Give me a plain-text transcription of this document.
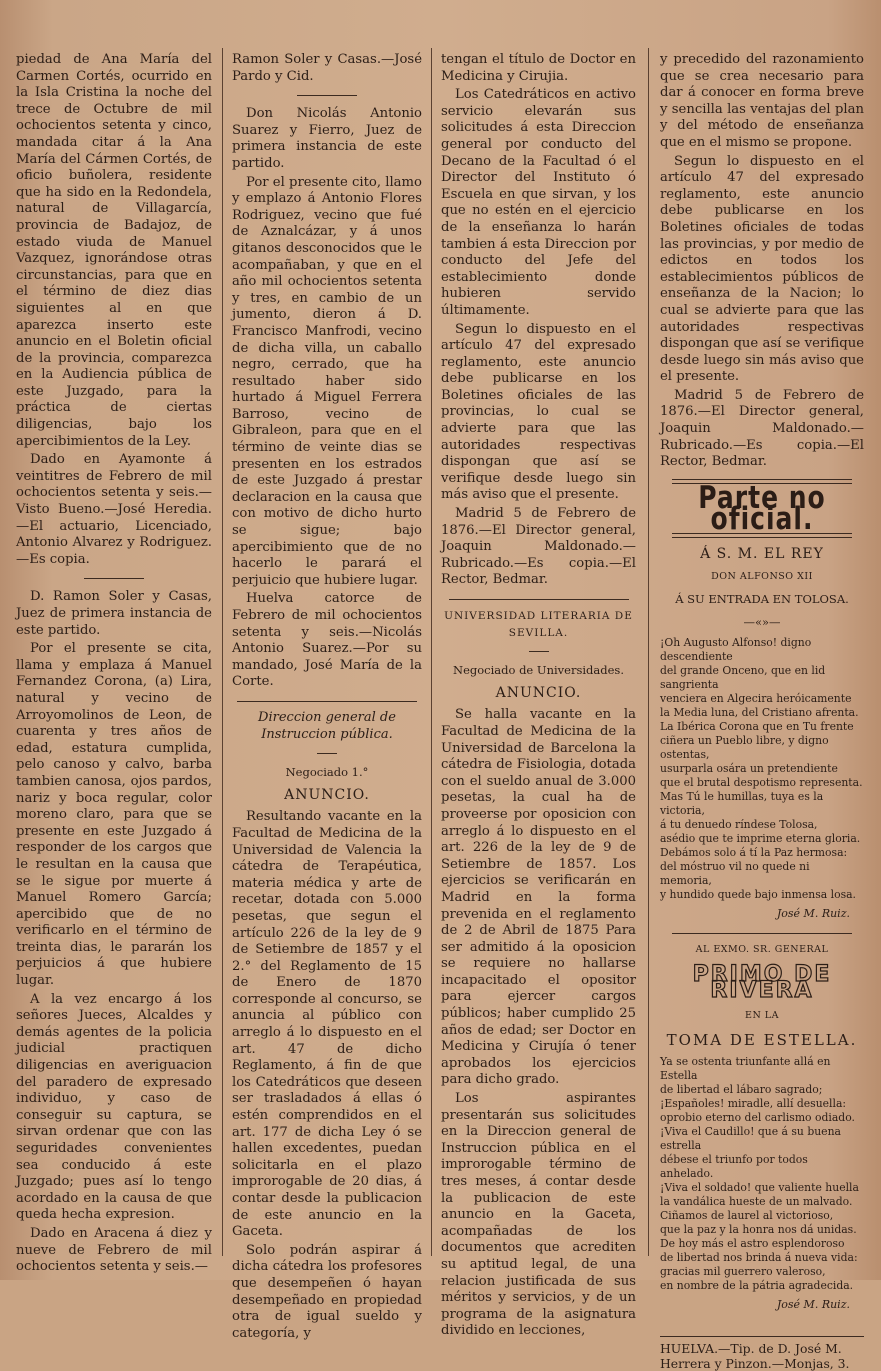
piedad de Ana María del Carmen Cortés, ocurrido en la Isla Cristina la noche del trece de Octubre de mil ochocientos setenta y cinco, mandada citar á la Ana María del Cármen Cortés, de oficio buñolera, residente que ha sido en la Redondela, natural de Villagarcía, provincia de Badajoz, de estado viuda de Manuel Vazquez, ignorándose otras circunstancias, para que en el término de diez dias siguientes al en que aparezca inserto este anuncio en el Boletin oficial de la provincia, comparezca en la Audiencia pública de este Juzgado, para la práctica de ciertas diligencias, bajo los apercibimientos de la Ley.

Dado en Ayamonte á veintitres de Febrero de mil ochocientos setenta y seis.—Visto Bueno.—José Heredia.—El actuario, Licenciado, Antonio Alvarez y Rodriguez.—Es copia.

D. Ramon Soler y Casas, Juez de primera instancia de este partido.

Por el presente se cita, llama y emplaza á Manuel Fernandez Corona, (a) Lira, natural y vecino de Arroyomolinos de Leon, de cuarenta y tres años de edad, estatura cumplida, pelo canoso y calvo, barba tambien canosa, ojos pardos, nariz y boca regular, color moreno claro, para que se presente en este Juzgado á responder de los cargos que le resultan en la causa que se le sigue por muerte á Manuel Romero García; apercibido que de no verificarlo en el término de treinta dias, le pararán los perjuicios á que hubiere lugar.

A la vez encargo á los señores Jueces, Alcaldes y demás agentes de la policia judicial practiquen diligencias en averiguacion del paradero de expresado individuo, y caso de conseguir su captura, se sirvan ordenar que con las seguridades convenientes sea conducido á este Juzgado; pues así lo tengo acordado en la causa de que queda hecha expresion.

Dado en Aracena á diez y nueve de Febrero de mil ochocientos setenta y seis.—

Ramon Soler y Casas.—José Pardo y Cid.

Don Nicolás Antonio Suarez y Fierro, Juez de primera instancia de este partido.

Por el presente cito, llamo y emplazo á Antonio Flores Rodriguez, vecino que fué de Aznalcázar, y á unos gitanos desconocidos que le acompañaban, y que en el año mil ochocientos setenta y tres, en cambio de un jumento, dieron á D. Francisco Manfrodi, vecino de dicha villa, un caballo negro, cerrado, que ha resultado haber sido hurtado á Miguel Ferrera Barroso, vecino de Gibraleon, para que en el término de veinte dias se presenten en los estrados de este Juzgado á prestar declaracion en la causa que con motivo de dicho hurto se sigue; bajo apercibimiento que de no hacerlo le parará el perjuicio que hubiere lugar.

Huelva catorce de Febrero de mil ochocientos setenta y seis.—Nicolás Antonio Suarez.—Por su mandado, José María de la Corte.

Direccion general de Instruccion pública.
Negociado 1.°
ANUNCIO.

Resultando vacante en la Facultad de Medicina de la Universidad de Valencia la cátedra de Terapéutica, materia médica y arte de recetar, dotada con 5.000 pesetas, que segun el artículo 226 de la ley de 9 de Setiembre de 1857 y el 2.° del Reglamento de 15 de Enero de 1870 corresponde al concurso, se anuncia al público con arreglo á lo dispuesto en el art. 47 de dicho Reglamento, á fin de que los Catedráticos que deseen ser trasladados á ellas ó estén comprendidos en el art. 177 de dicha Ley ó se hallen excedentes, puedan solicitarla en el plazo improrogable de 20 dias, á contar desde la publicacion de este anuncio en la Gaceta.

Solo podrán aspirar á dicha cátedra los profesores que desempeñen ó hayan desempeñado en propiedad otra de igual sueldo y categoría, y

tengan el título de Doctor en Medicina y Cirujia.

Los Catedráticos en activo servicio elevarán sus solicitudes á esta Direccion general por conducto del Decano de la Facultad ó el Director del Instituto ó Escuela en que sirvan, y los que no estén en el ejercicio de la enseñanza lo harán tambien á esta Direccion por conducto del Jefe del establecimiento donde hubieren servido últimamente.

Segun lo dispuesto en el artículo 47 del expresado reglamento, este anuncio debe publicarse en los Boletines oficiales de las provincias, lo cual se advierte para que las autoridades respectivas dispongan que así se verifique desde luego sin más aviso que el presente.

Madrid 5 de Febrero de 1876.—El Director general, Joaquin Maldonado.—Rubricado.—Es copia.—El Rector, Bedmar.

UNIVERSIDAD LITERARIA DE SEVILLA.
Negociado de Universidades.
ANUNCIO.

Se halla vacante en la Facultad de Medicina de la Universidad de Barcelona la cátedra de Fisiologia, dotada con el sueldo anual de 3.000 pesetas, la cual ha de proveerse por oposicion con arreglo á lo dispuesto en el art. 226 de la ley de 9 de Setiembre de 1857. Los ejercicios se verificarán en Madrid en la forma prevenida en el reglamento de 2 de Abril de 1875 Para ser admitido á la oposicion se requiere no hallarse incapacitado el opositor para ejercer cargos públicos; haber cumplido 25 años de edad; ser Doctor en Medicina y Cirujía ó tener aprobados los ejercicios para dicho grado.

Los aspirantes presentarán sus solicitudes en la Direccion general de Instruccion pública en el improrogable término de tres meses, á contar desde la publicacion de este anuncio en la Gaceta, acompañadas de los documentos que acrediten su aptitud legal, de una relacion justificada de sus méritos y servicios, y de un programa de la asignatura dividido en lecciones,

y precedido del razonamiento que se crea necesario para dar á conocer en forma breve y sencilla las ventajas del plan y del método de enseñanza que en el mismo se propone.

Segun lo dispuesto en el artículo 47 del expresado reglamento, este anuncio debe publicarse en los Boletines oficiales de todas las provincias, y por medio de edictos en todos los establecimientos públicos de enseñanza de la Nacion; lo cual se advierte para que las autoridades respectivas dispongan que así se verifique desde luego sin más aviso que el presente.

Madrid 5 de Febrero de 1876.—El Director general, Joaquin Maldonado.—Rubricado.—Es copia.—El Rector, Bedmar.

Parte no oficial.
Á S. M. EL REY
DON ALFONSO XII
Á SU ENTRADA EN TOLOSA.
—«»—
¡Oh Augusto Alfonso! digno descendiente
del grande Onceno, que en lid sangrienta
venciera en Algecira heróicamente
la Media luna, del Cristiano afrenta.
La Ibérica Corona que en Tu frente
ciñera un Pueblo libre, y digno ostentas,
usurparla osára un pretendiente
que el brutal despotismo representa.
Mas Tú le humillas, tuya es la victoria,
á tu denuedo ríndese Tolosa,
asédio que te imprime eterna gloria.
Debámos solo á tí la Paz hermosa:
del móstruo vil no quede ni memoria,
y hundido quede bajo inmensa losa.
José M. Ruiz.
AL EXMO. SR. GENERAL
PRIMO DE RIVERA
EN LA
TOMA DE ESTELLA.
Ya se ostenta triunfante allá en Estella
de libertad el lábaro sagrado;
¡Españoles! miradle, allí desuella:
oprobio eterno del carlismo odiado.
¡Viva el Caudillo! que á su buena estrella
débese el triunfo por todos anhelado.
¡Viva el soldado! que valiente huella
la vandálica hueste de un malvado.
Ciñamos de laurel al victorioso,
que la paz y la honra nos dá unidas.
De hoy más el astro esplendoroso
de libertad nos brinda á nueva vida:
gracias mil guerrero valeroso,
en nombre de la pátria agradecida.
José M. Ruiz.
HUELVA.—Tip. de D. José M. Herrera y Pinzon.—Monjas, 3.
